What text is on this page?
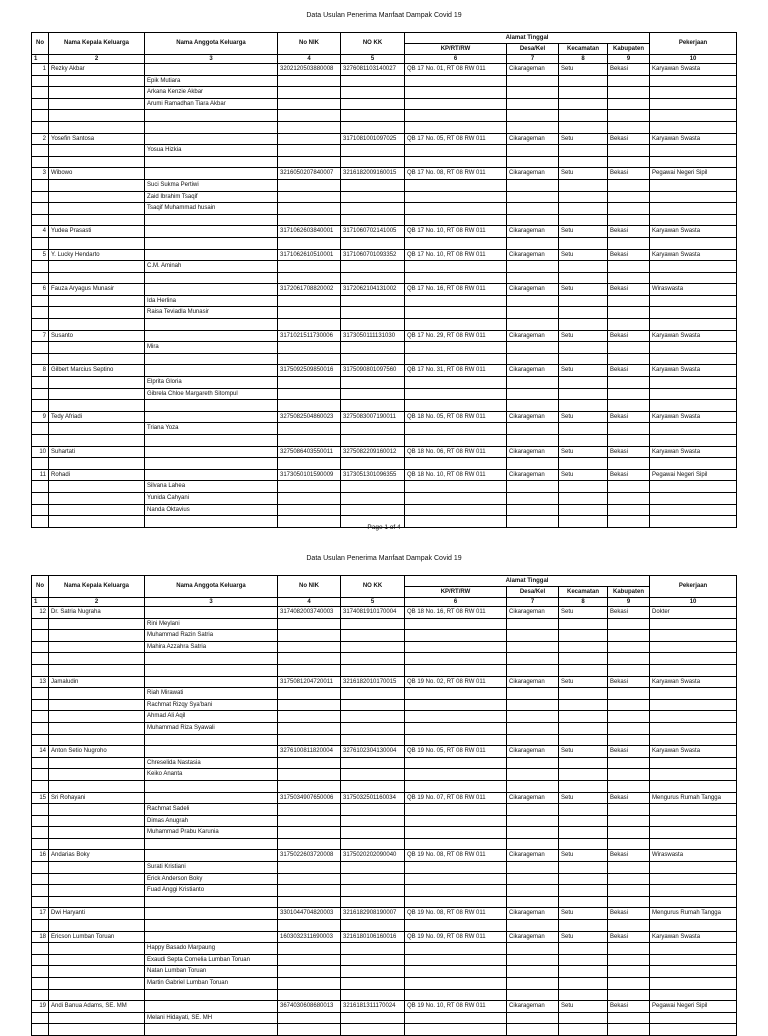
Data Usulan Penerima Manfaat Dampak Covid 19
No	Nama Kepala Keluarga	Nama Anggota Keluarga	No NIK	NO KK	Alamat Tinggal				Pekerjaan
					KP/RT/RW	Desa/Kel	Kecamatan	Kabupaten	
1	2	3	4	5	6	7	8	9	10
1	Rezky Akbar		3202120503880008	3276081103140027	QB 17 No. 01, RT 08 RW 011	Cikarageman	Setu	Bekasi	Karyawan Swasta
		Epik Mutiara							
		Arkana Kenzie Akbar							
		Arumi Ramadhan Tiara Akbar							

2	Yosefin Santosa			3171081001097025	QB 17 No. 05, RT 08 RW 011	Cikarageman	Setu	Bekasi	Karyawan Swasta
		Yosua Hizkia							

3	Wibowo		3216050207840007	3216182009160015	QB 17 No. 08, RT 08 RW 011	Cikarageman	Setu	Bekasi	Pegawai Negeri Sipil
		Suci Sukma Pertiwi							
		Zaid Ibrahim Tsaqif							
		Tsaqif Muhammad husain							

4	Yudea Prasasti		3171062603840001	3171060702141005	QB 17 No. 10, RT 08 RW 011	Cikarageman	Setu	Bekasi	Karyawan Swasta

5	Y. Lucky Hendarto		3171062610510001	3171060701093352	QB 17 No. 10, RT 08 RW 011	Cikarageman	Setu	Bekasi	Karyawan Swasta
		C.M. Aminah							

6	Fauza Aryagus Munasir		3172061708820002	3172062104131002	QB 17 No. 16, RT 08 RW 011	Cikarageman	Setu	Bekasi	Wiraswasta
		Ida Herlina							
		Raisa Teviadla Munasir							

7	Susanto		3171021511730006	3173050111131030	QB 17 No. 29, RT 08 RW 011	Cikarageman	Setu	Bekasi	Karyawan Swasta
		Mira							

8	Gilbert Marcius Septino		3175092509850016	3175090801097560	QB 17 No. 31, RT 08 RW 011	Cikarageman	Setu	Bekasi	Karyawan Swasta
		Elprita Gloria							
		Gibrela Chloe Margareth Sitompul							

9	Tedy Afriadi		3275082504860023	3275083007190011	QB 18 No. 05, RT 08 RW 011	Cikarageman	Setu	Bekasi	Karyawan Swasta
		Triana Yoza							

10	Suhartati		3275086403550011	3275082209160012	QB 18 No. 06, RT 08 RW 011	Cikarageman	Setu	Bekasi	Karyawan Swasta

11	Rohadi		3173050101590009	3173051301096355	QB 18 No. 10, RT 08 RW 011	Cikarageman	Setu	Bekasi	Pegawai Negeri Sipil
		Silvana Lahea							
		Yunida Cahyani							
		Nanda Oktavius							

Data Usulan Penerima Manfaat Dampak Covid 19
No	Nama Kepala Keluarga	Nama Anggota Keluarga	No NIK	NO KK	Alamat Tinggal				Pekerjaan
					KP/RT/RW	Desa/Kel	Kecamatan	Kabupaten	
1	2	3	4	5	6	7	8	9	10
12	Dr. Satria Nugraha		3174082003740003	3174081910170004	QB 18 No. 16, RT 08 RW 011	Cikarageman	Setu	Bekasi	Dokter
		Rini Meylani							
		Muhammad Razin Satria							
		Mahira Azzahra Satria							

13	Jamaludin		3175081204720011	3216182010170015	QB 19 No. 02, RT 08 RW 011	Cikarageman	Setu	Bekasi	Karyawan Swasta
		Riah Mirawati							
		Rachmat Rizqy Sya'bani							
		Ahmad Ali Aqil							
		Muhammad Riza Syawali							

14	Anton Setio Nugroho		3276100811820004	3276102304130004	QB 19 No. 05, RT 08 RW 011	Cikarageman	Setu	Bekasi	Karyawan Swasta
		Chreselida Nastasia							
		Keiko Ananta							

15	Sri Rohayani		3175034907650006	3175032501160034	QB 19 No. 07, RT 08 RW 011	Cikarageman	Setu	Bekasi	Mengurus Rumah Tangga
		Rachmat Sadeli							
		Dimas Anugrah							
		Muhammad Prabu Karunia							

16	Andarias Boky		3175022603720008	3175020202090040	QB 19 No. 08, RT 08 RW 011	Cikarageman	Setu	Bekasi	Wiraswasta
		Surati Kristiani							
		Erick Anderson Boky							
		Fuad Anggi Kristianto							

17	Dwi Haryanti		3301044704820003	3216182908190007	QB 19 No. 08, RT 08 RW 011	Cikarageman	Setu	Bekasi	Mengurus Rumah Tangga

18	Ericson Lumban Toruan		1603032311690003	3216180106160016	QB 19 No. 09, RT 08 RW 011	Cikarageman	Setu	Bekasi	Karyawan Swasta
		Happy Basado Marpaung							
		Exaudi Septa Cornelia Lumban Toruan							
		Natan Lumban Toruan							
		Martin Gabriel Lumban Toruan							

19	Andi Banua Adams, SE. MM		3674030608680013	3216181311170024	QB 19 No. 10, RT 08 RW 011	Cikarageman	Setu	Bekasi	Pegawai Negeri Sipil
		Melani Hidayati, SE. MH							

Page 1 of 4
